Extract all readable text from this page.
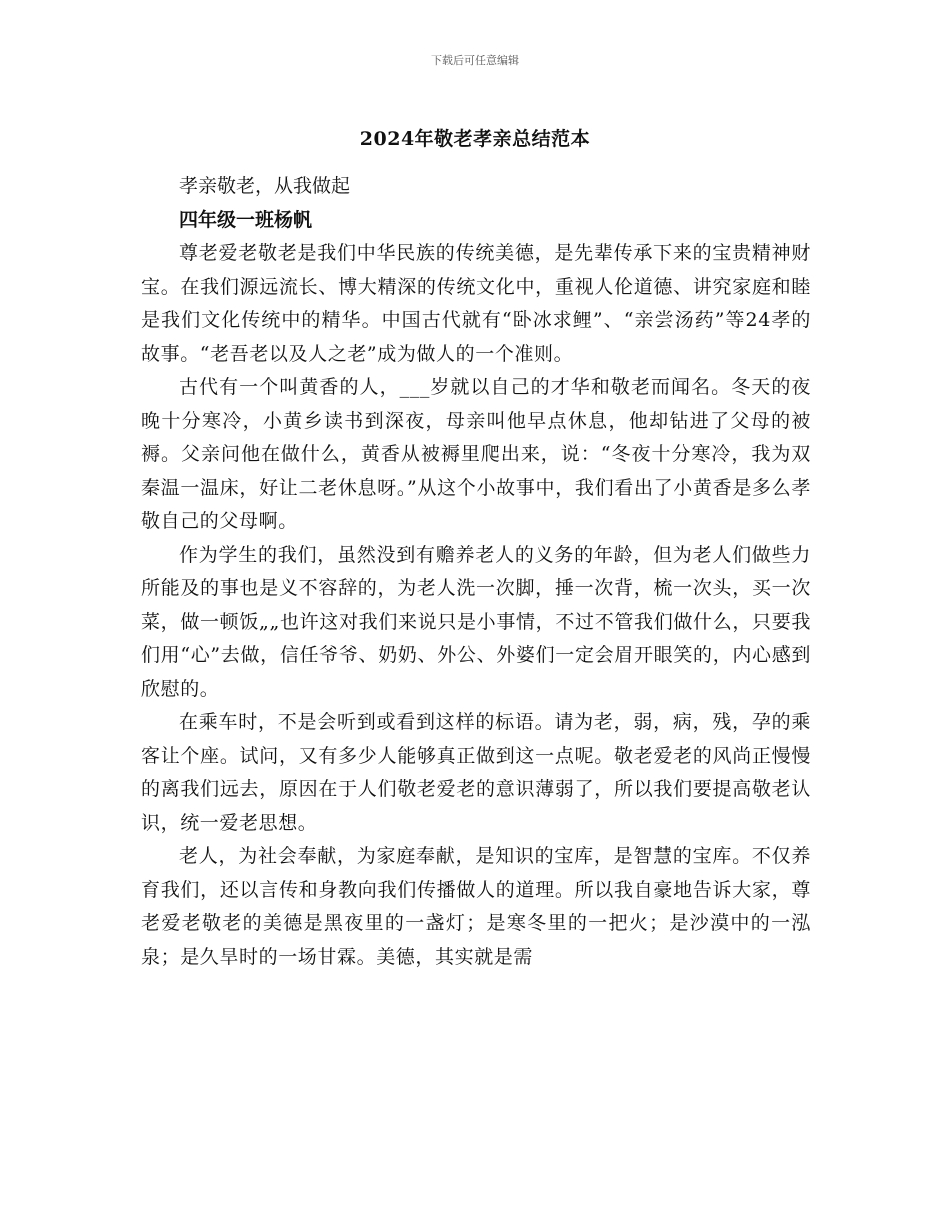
下载后可任意编辑
2024年敬老孝亲总结范本

孝亲敬老，从我做起

四年级一班杨帆

尊老爱老敬老是我们中华民族的传统美德，是先辈传承下来的宝贵精神财宝。在我们源远流长、博大精深的传统文化中，重视人伦道德、讲究家庭和睦是我们文化传统中的精华。中国古代就有“卧冰求鲤”、“亲尝汤药”等24孝的故事。“老吾老以及人之老”成为做人的一个准则。

古代有一个叫黄香的人，___岁就以自己的才华和敬老而闻名。冬天的夜晚十分寒冷，小黄乡读书到深夜，母亲叫他早点休息，他却钻进了父母的被褥。父亲问他在做什么，黄香从被褥里爬出来，说：“冬夜十分寒冷，我为双秦温一温床，好让二老休息呀。”从这个小故事中，我们看出了小黄香是多么孝敬自己的父母啊。

作为学生的我们，虽然没到有赡养老人的义务的年龄，但为老人们做些力所能及的事也是义不容辞的，为老人洗一次脚，捶一次背，梳一次头，买一次菜，做一顿饭„„也许这对我们来说只是小事情，不过不管我们做什么，只要我们用“心”去做，信任爷爷、奶奶、外公、外婆们一定会眉开眼笑的，内心感到欣慰的。

在乘车时，不是会听到或看到这样的标语。请为老，弱，病，残，孕的乘客让个座。试问，又有多少人能够真正做到这一点呢。敬老爱老的风尚正慢慢的离我们远去，原因在于人们敬老爱老的意识薄弱了，所以我们要提高敬老认识，统一爱老思想。

老人，为社会奉献，为家庭奉献，是知识的宝库，是智慧的宝库。不仅养育我们，还以言传和身教向我们传播做人的道理。所以我自豪地告诉大家，尊老爱老敬老的美德是黑夜里的一盏灯；是寒冬里的一把火；是沙漠中的一泓泉；是久旱时的一场甘霖。美德，其实就是需
